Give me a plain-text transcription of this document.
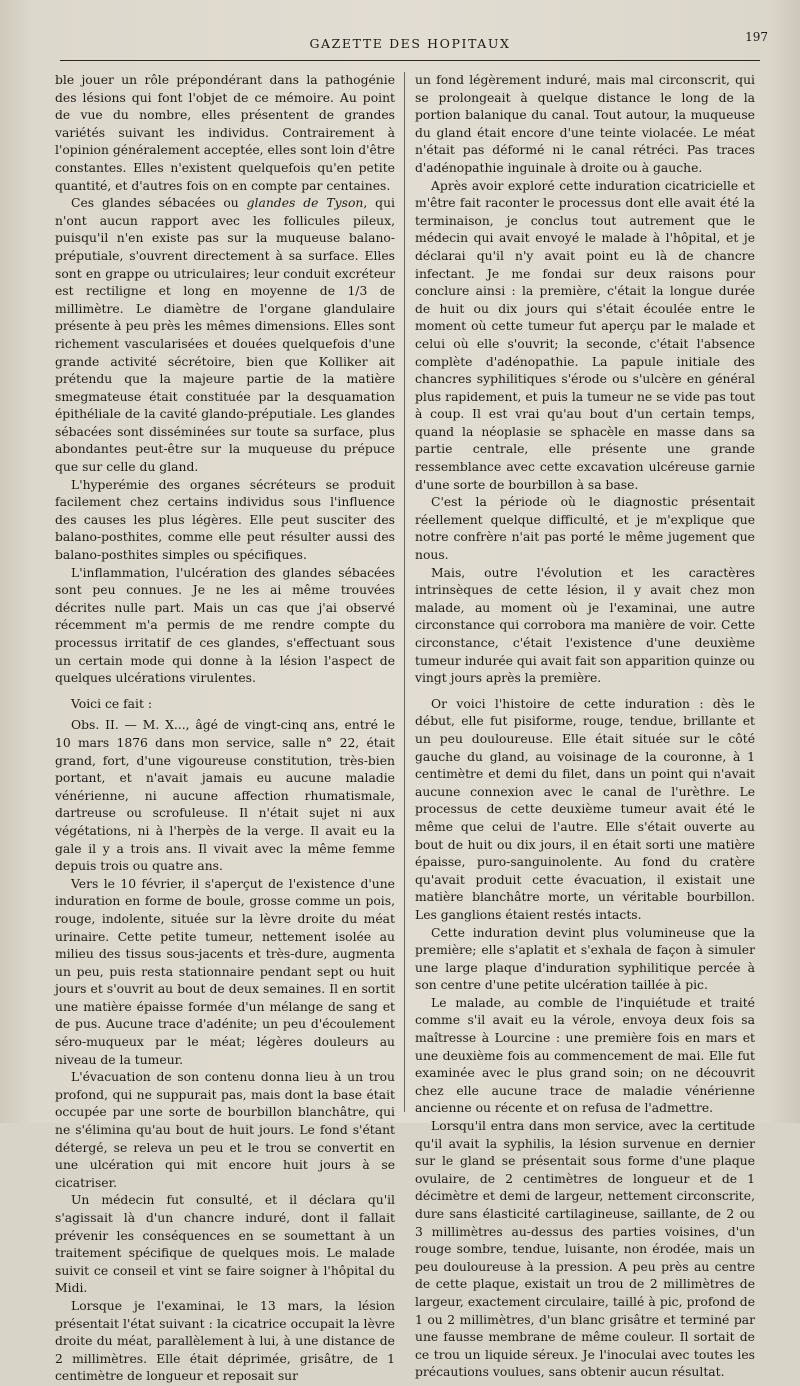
GAZETTE DES HOPITAUX	197

ble jouer un rôle prépondérant dans la pathogénie des lésions qui font l'objet de ce mémoire. Au point de vue du nombre, elles présentent de grandes variétés suivant les individus. Contrairement à l'opinion généralement acceptée, elles sont loin d'être constantes. Elles n'existent quelquefois qu'en petite quantité, et d'autres fois on en compte par centaines.

Ces glandes sébacées ou glandes de Tyson, qui n'ont aucun rapport avec les follicules pileux, puisqu'il n'en existe pas sur la muqueuse balano-préputiale, s'ouvrent directement à sa surface. Elles sont en grappe ou utriculaires; leur conduit excréteur est rectiligne et long en moyenne de 1/3 de millimètre. Le diamètre de l'organe glandulaire présente à peu près les mêmes dimensions. Elles sont richement vascularisées et douées quelquefois d'une grande activité sécrétoire, bien que Kolliker ait prétendu que la majeure partie de la matière smegmateuse était constituée par la desquamation épithéliale de la cavité glando-préputiale. Les glandes sébacées sont disséminées sur toute sa surface, plus abondantes peut-être sur la muqueuse du prépuce que sur celle du gland.

L'hyperémie des organes sécréteurs se produit facilement chez certains individus sous l'influence des causes les plus légères. Elle peut susciter des balano-posthites, comme elle peut résulter aussi des balano-posthites simples ou spécifiques.

L'inflammation, l'ulcération des glandes sébacées sont peu connues. Je ne les ai même trouvées décrites nulle part. Mais un cas que j'ai observé récemment m'a permis de me rendre compte du processus irritatif de ces glandes, s'effectuant sous un certain mode qui donne à la lésion l'aspect de quelques ulcérations virulentes.

Voici ce fait :

Obs. II. — M. X..., âgé de vingt-cinq ans, entré le 10 mars 1876 dans mon service, salle n° 22, était grand, fort, d'une vigoureuse constitution, très-bien portant, et n'avait jamais eu aucune maladie vénérienne, ni aucune affection rhumatismale, dartreuse ou scrofuleuse. Il n'était sujet ni aux végétations, ni à l'herpès de la verge. Il avait eu la gale il y a trois ans. Il vivait avec la même femme depuis trois ou quatre ans.

Vers le 10 février, il s'aperçut de l'existence d'une induration en forme de boule, grosse comme un pois, rouge, indolente, située sur la lèvre droite du méat urinaire. Cette petite tumeur, nettement isolée au milieu des tissus sous-jacents et très-dure, augmenta un peu, puis resta stationnaire pendant sept ou huit jours et s'ouvrit au bout de deux semaines. Il en sortit une matière épaisse formée d'un mélange de sang et de pus. Aucune trace d'adénite; un peu d'écoulement séro-muqueux par le méat; légères douleurs au niveau de la tumeur.

L'évacuation de son contenu donna lieu à un trou profond, qui ne suppurait pas, mais dont la base était occupée par une sorte de bourbillon blanchâtre, qui ne s'élimina qu'au bout de huit jours. Le fond s'étant détergé, se releva un peu et le trou se convertit en une ulcération qui mit encore huit jours à se cicatriser.

Un médecin fut consulté, et il déclara qu'il s'agissait là d'un chancre induré, dont il fallait prévenir les conséquences en se soumettant à un traitement spécifique de quelques mois. Le malade suivit ce conseil et vint se faire soigner à l'hôpital du Midi.

Lorsque je l'examinai, le 13 mars, la lésion présentait l'état suivant : la cicatrice occupait la lèvre droite du méat, parallèlement à lui, à une distance de 2 millimètres. Elle était déprimée, grisâtre, de 1 centimètre de longueur et reposait sur

un fond légèrement induré, mais mal circonscrit, qui se prolongeait à quelque distance le long de la portion balanique du canal. Tout autour, la muqueuse du gland était encore d'une teinte violacée. Le méat n'était pas déformé ni le canal rétréci. Pas traces d'adénopathie inguinale à droite ou à gauche.

Après avoir exploré cette induration cicatricielle et m'être fait raconter le processus dont elle avait été la terminaison, je conclus tout autrement que le médecin qui avait envoyé le malade à l'hôpital, et je déclarai qu'il n'y avait point eu là de chancre infectant. Je me fondai sur deux raisons pour conclure ainsi : la première, c'était la longue durée de huit ou dix jours qui s'était écoulée entre le moment où cette tumeur fut aperçu par le malade et celui où elle s'ouvrit; la seconde, c'était l'absence complète d'adénopathie. La papule initiale des chancres syphilitiques s'érode ou s'ulcère en général plus rapidement, et puis la tumeur ne se vide pas tout à coup. Il est vrai qu'au bout d'un certain temps, quand la néoplasie se sphacèle en masse dans sa partie centrale, elle présente une grande ressemblance avec cette excavation ulcéreuse garnie d'une sorte de bourbillon à sa base.

C'est la période où le diagnostic présentait réellement quelque difficulté, et je m'explique que notre confrère n'ait pas porté le même jugement que nous.

Mais, outre l'évolution et les caractères intrinsèques de cette lésion, il y avait chez mon malade, au moment où je l'examinai, une autre circonstance qui corrobora ma manière de voir. Cette circonstance, c'était l'existence d'une deuxième tumeur indurée qui avait fait son apparition quinze ou vingt jours après la première.

Or voici l'histoire de cette induration : dès le début, elle fut pisiforme, rouge, tendue, brillante et un peu douloureuse. Elle était située sur le côté gauche du gland, au voisinage de la couronne, à 1 centimètre et demi du filet, dans un point qui n'avait aucune connexion avec le canal de l'urèthre. Le processus de cette deuxième tumeur avait été le même que celui de l'autre. Elle s'était ouverte au bout de huit ou dix jours, il en était sorti une matière épaisse, puro-sanguinolente. Au fond du cratère qu'avait produit cette évacuation, il existait une matière blanchâtre morte, un véritable bourbillon. Les ganglions étaient restés intacts.

Cette induration devint plus volumineuse que la première; elle s'aplatit et s'exhala de façon à simuler une large plaque d'induration syphilitique percée à son centre d'une petite ulcération taillée à pic.

Le malade, au comble de l'inquiétude et traité comme s'il avait eu la vérole, envoya deux fois sa maîtresse à Lourcine : une première fois en mars et une deuxième fois au commencement de mai. Elle fut examinée avec le plus grand soin; on ne découvrit chez elle aucune trace de maladie vénérienne ancienne ou récente et on refusa de l'admettre.

Lorsqu'il entra dans mon service, avec la certitude qu'il avait la syphilis, la lésion survenue en dernier sur le gland se présentait sous forme d'une plaque ovulaire, de 2 centimètres de longueur et de 1 décimètre et demi de largeur, nettement circonscrite, dure sans élasticité cartilagineuse, saillante, de 2 ou 3 millimètres au-dessus des parties voisines, d'un rouge sombre, tendue, luisante, non érodée, mais un peu douloureuse à la pression. A peu près au centre de cette plaque, existait un trou de 2 millimètres de largeur, exactement circulaire, taillé à pic, profond de 1 ou 2 millimètres, d'un blanc grisâtre et terminé par une fausse membrane de même couleur. Il sortait de ce trou un liquide séreux. Je l'inoculai avec toutes les précautions voulues, sans obtenir aucun résultat.
